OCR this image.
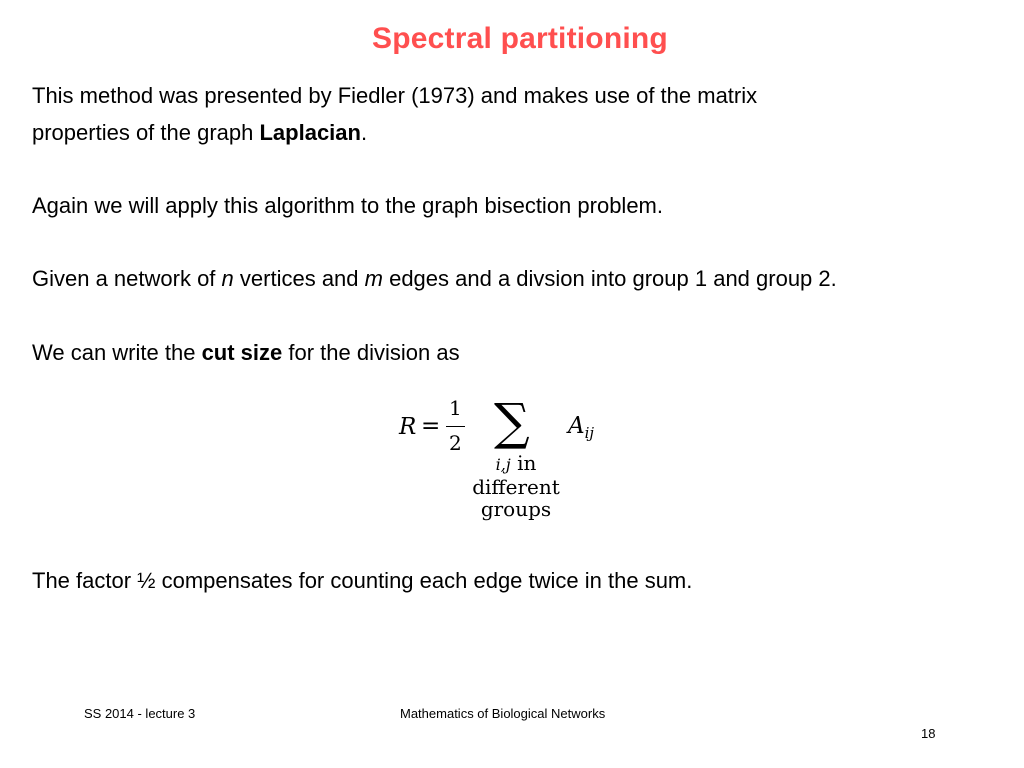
Spectral partitioning
This method was presented by Fiedler (1973) and makes use of the matrix
properties of the graph Laplacian.
Again we will apply this algorithm to the graph bisection problem.
Given a network of n vertices and m edges and a divsion into group 1 and group 2.
We can write the cut size for the division as
R =
1
2 ∑ $A_{ij}$
i,j in
different
groups
The factor ½ compensates for counting each edge twice in the sum.
SS 2014 - lecture 3	Mathematics of Biological Networks
18
